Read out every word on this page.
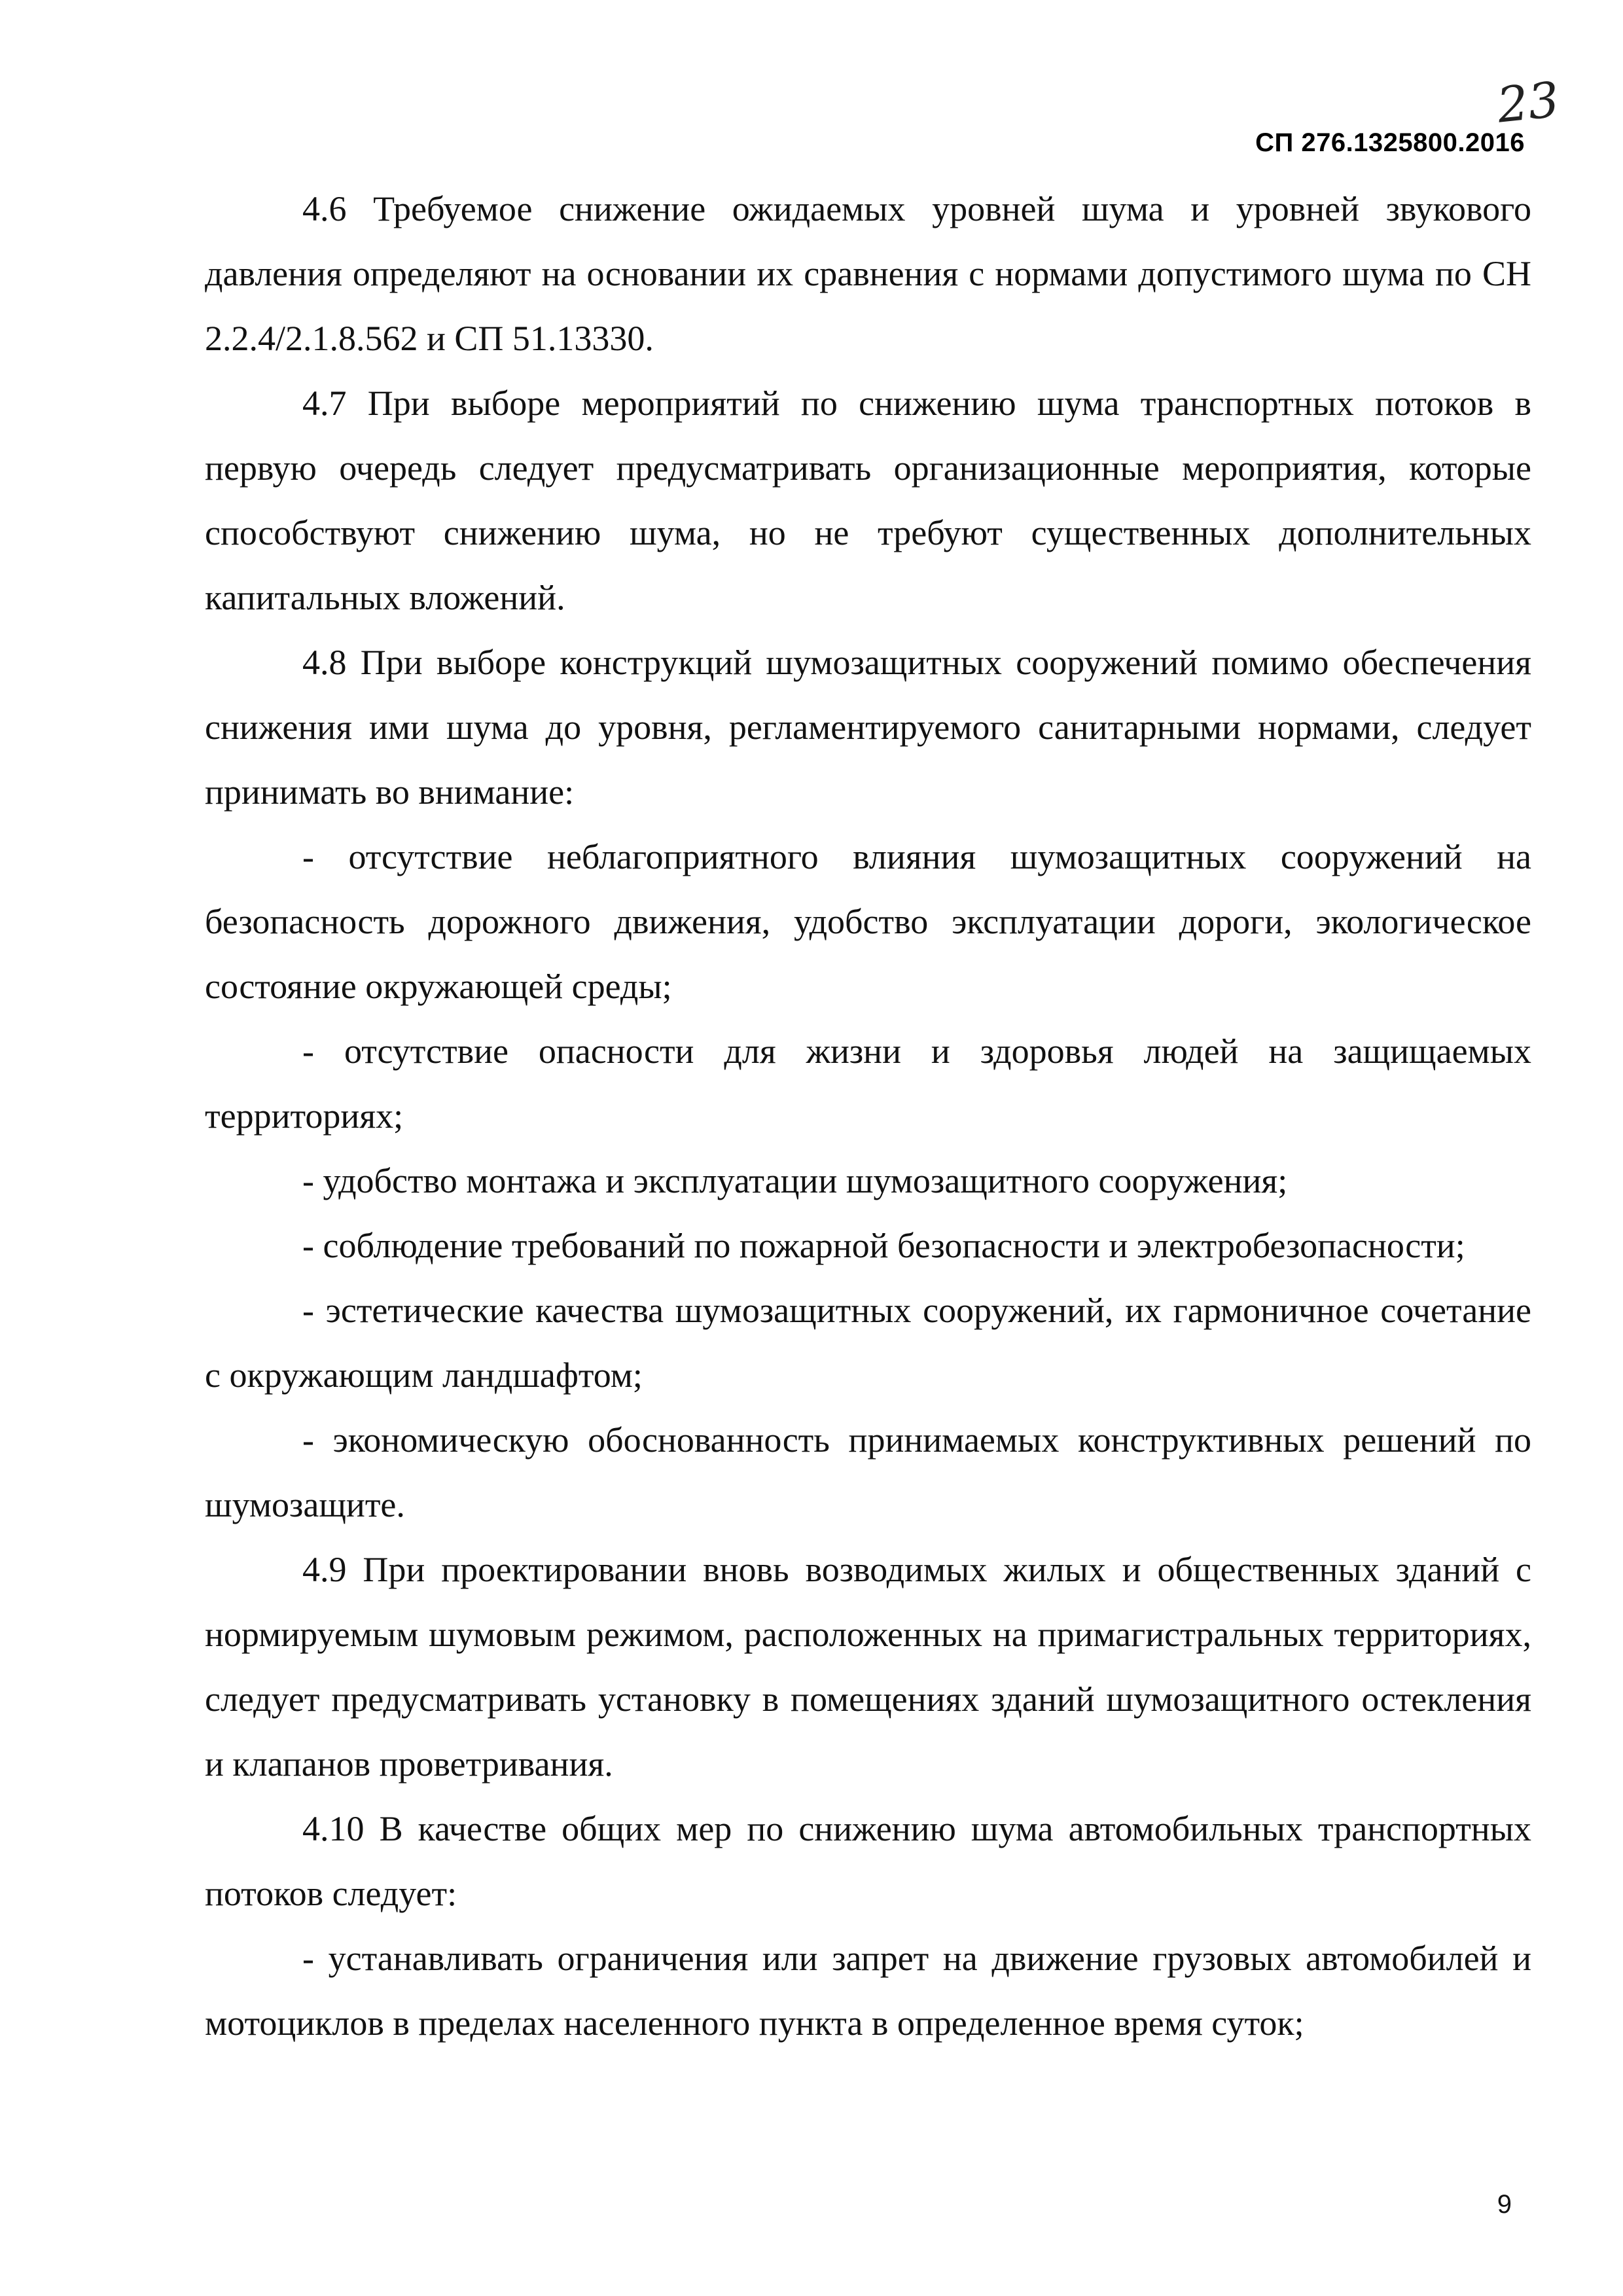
23
СП 276.1325800.2016

4.6 Требуемое снижение ожидаемых уровней шума и уровней звукового давления определяют на основании их сравнения с нормами допустимого шума по СН 2.2.4/2.1.8.562 и СП 51.13330.

4.7 При выборе мероприятий по снижению шума транспортных потоков в первую очередь следует предусматривать организационные мероприятия, которые способствуют снижению шума, но не требуют существенных дополнительных капитальных вложений.

4.8 При выборе конструкций шумозащитных сооружений помимо обеспечения снижения ими шума до уровня, регламентируемого санитарными нормами, следует принимать во внимание:

- отсутствие неблагоприятного влияния шумозащитных сооружений на безопасность дорожного движения, удобство эксплуатации дороги, экологическое состояние окружающей среды;

- отсутствие опасности для жизни и здоровья людей на защищаемых территориях;

- удобство монтажа и эксплуатации шумозащитного сооружения;

- соблюдение требований по пожарной безопасности и электробезопасности;

- эстетические качества шумозащитных сооружений, их гармоничное сочетание с окружающим ландшафтом;

- экономическую обоснованность принимаемых конструктивных решений по шумозащите.

4.9 При проектировании вновь возводимых жилых и общественных зданий с нормируемым шумовым режимом, расположенных на примагистральных территориях, следует предусматривать установку в помещениях зданий шумозащитного остекления и клапанов проветривания.

4.10 В качестве общих мер по снижению шума автомобильных транспортных потоков следует:

- устанавливать ограничения или запрет на движение грузовых автомобилей и мотоциклов в пределах населенного пункта в определенное время суток;

9
